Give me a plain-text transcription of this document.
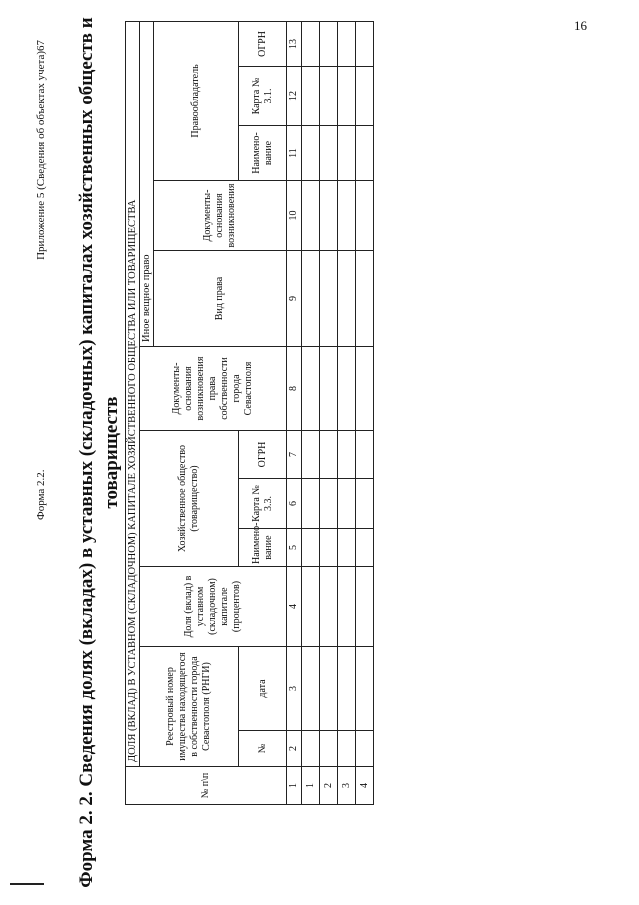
16
Форма 2.2.
Приложение 5 (Сведения об объектах учета)67 Форма 2. 2. Сведения долях (вкладах) в уставных (складочных) капиталах хозяйственных обществ и товариществ
№ п\п	ДОЛЯ (ВКЛАД) В УСТАВНОМ (СКЛАДОЧНОМ) КАПИТАЛЕ ХОЗЯЙСТВЕННОГО ОБЩЕСТВА ИЛИ ТОВАРИЩЕСТВА											
	Реестровый номер имущества находящегося в собственности города Севастополя (РНГИ)		Доля (вклад) в уставном (складочном) капитале (процентов)	Хозяйственное общество (товарищество)			Документы-основания возникновения права собственности города Севастополя	Иное вещное право				
								Вид права	Документы-основания возникновения	Правообладатель		
	№	дата		Наимено-вание	Карта № 3.3.	ОГРН				Наимено-вание	Карта № 3.1.	ОГРН
1	2	3	4	5	6	7	8	9	10	11	12	13
1												
2												
3												
4												
